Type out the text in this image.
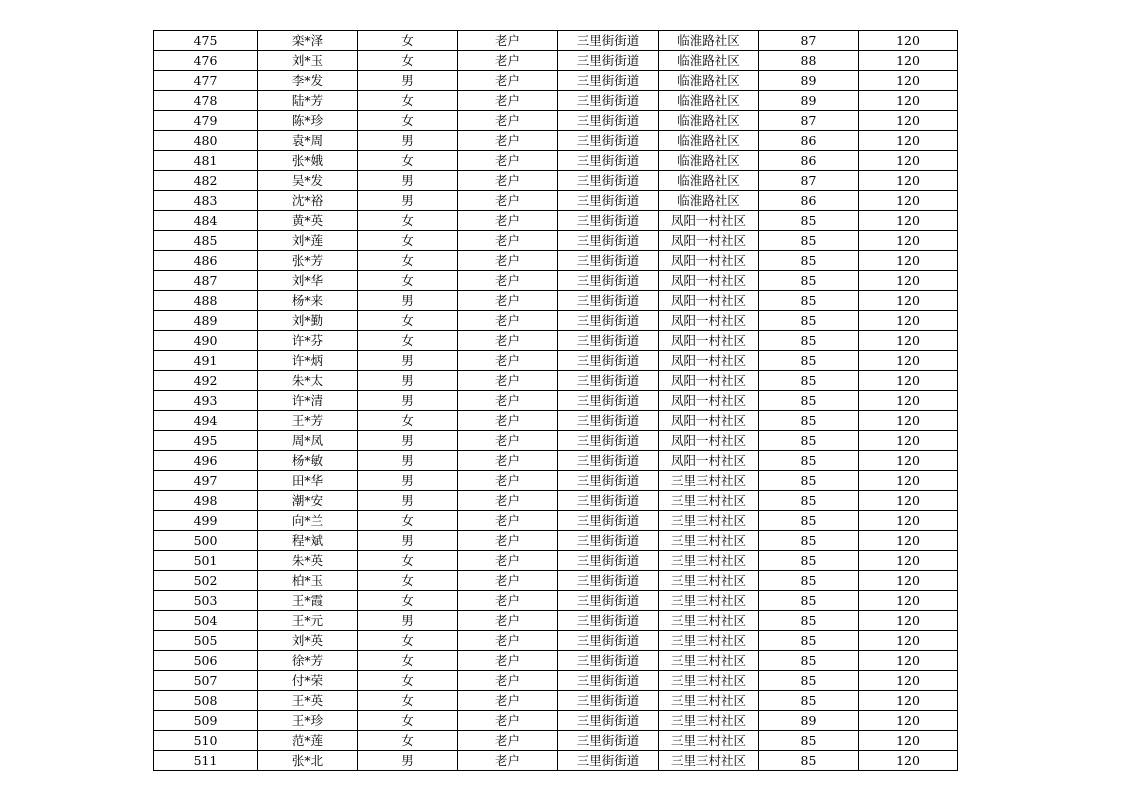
475	栾*泽	女	老户	三里街街道	临淮路社区	87	120
476	刘*玉	女	老户	三里街街道	临淮路社区	88	120
477	李*发	男	老户	三里街街道	临淮路社区	89	120
478	陆*芳	女	老户	三里街街道	临淮路社区	89	120
479	陈*珍	女	老户	三里街街道	临淮路社区	87	120
480	袁*周	男	老户	三里街街道	临淮路社区	86	120
481	张*娥	女	老户	三里街街道	临淮路社区	86	120
482	吴*发	男	老户	三里街街道	临淮路社区	87	120
483	沈*裕	男	老户	三里街街道	临淮路社区	86	120
484	黄*英	女	老户	三里街街道	凤阳一村社区	85	120
485	刘*莲	女	老户	三里街街道	凤阳一村社区	85	120
486	张*芳	女	老户	三里街街道	凤阳一村社区	85	120
487	刘*华	女	老户	三里街街道	凤阳一村社区	85	120
488	杨*来	男	老户	三里街街道	凤阳一村社区	85	120
489	刘*勤	女	老户	三里街街道	凤阳一村社区	85	120
490	许*芬	女	老户	三里街街道	凤阳一村社区	85	120
491	许*炳	男	老户	三里街街道	凤阳一村社区	85	120
492	朱*太	男	老户	三里街街道	凤阳一村社区	85	120
493	许*清	男	老户	三里街街道	凤阳一村社区	85	120
494	王*芳	女	老户	三里街街道	凤阳一村社区	85	120
495	周*凤	男	老户	三里街街道	凤阳一村社区	85	120
496	杨*敏	男	老户	三里街街道	凤阳一村社区	85	120
497	田*华	男	老户	三里街街道	三里三村社区	85	120
498	潮*安	男	老户	三里街街道	三里三村社区	85	120
499	向*兰	女	老户	三里街街道	三里三村社区	85	120
500	程*斌	男	老户	三里街街道	三里三村社区	85	120
501	朱*英	女	老户	三里街街道	三里三村社区	85	120
502	柏*玉	女	老户	三里街街道	三里三村社区	85	120
503	王*霞	女	老户	三里街街道	三里三村社区	85	120
504	王*元	男	老户	三里街街道	三里三村社区	85	120
505	刘*英	女	老户	三里街街道	三里三村社区	85	120
506	徐*芳	女	老户	三里街街道	三里三村社区	85	120
507	付*荣	女	老户	三里街街道	三里三村社区	85	120
508	王*英	女	老户	三里街街道	三里三村社区	85	120
509	王*珍	女	老户	三里街街道	三里三村社区	89	120
510	范*莲	女	老户	三里街街道	三里三村社区	85	120
511	张*北	男	老户	三里街街道	三里三村社区	85	120
